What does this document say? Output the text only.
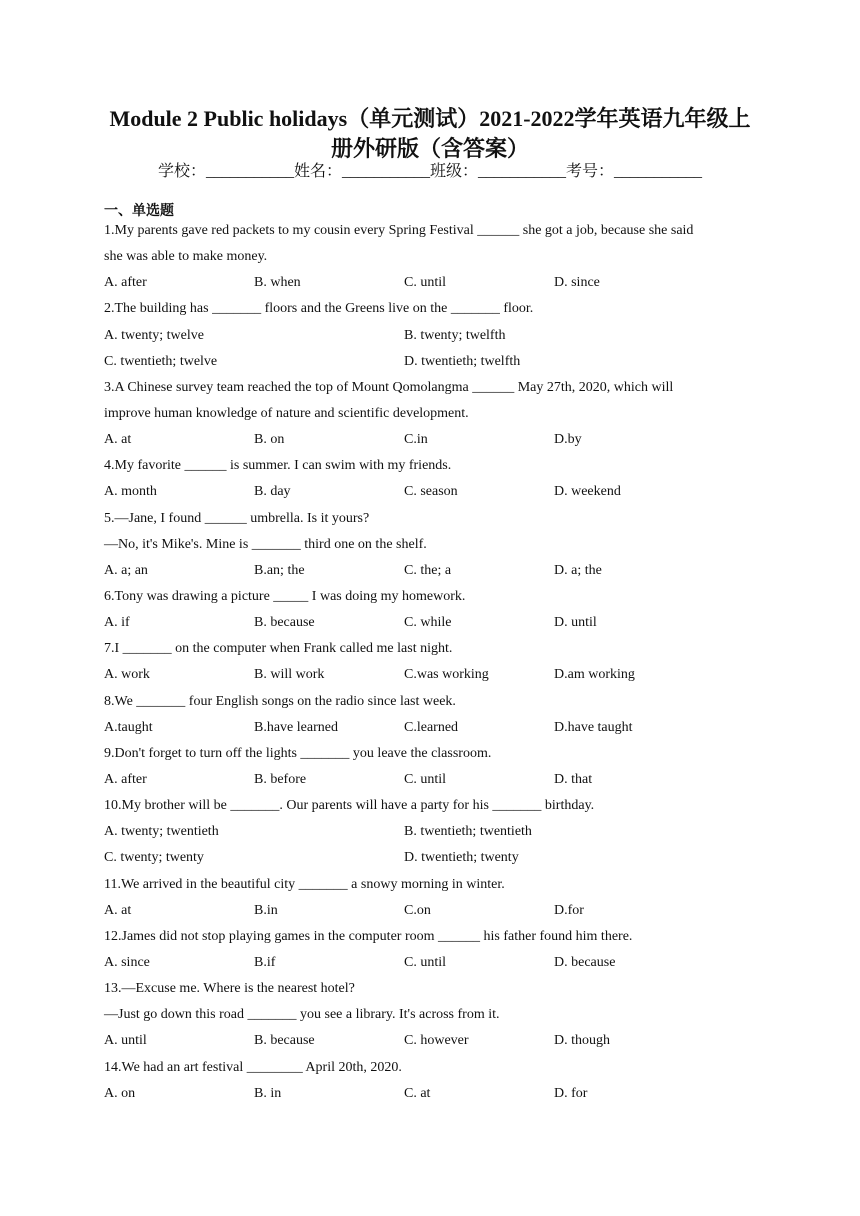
Module 2 Public holidays（单元测试）2021-2022学年英语九年级上
册外研版（含答案）
学校：___________姓名：___________班级：___________考号：___________
一、单选题
1.My parents gave red packets to my cousin every Spring Festival ______ she got a job, because she said
she was able to make money.
A. after	B. when	C. until	D. since
2.The building has _______ floors and the Greens live on the _______ floor.
A. twenty; twelve	B. twenty; twelfth
C. twentieth; twelve	D. twentieth; twelfth
3.A Chinese survey team reached the top of Mount Qomolangma ______ May 27th, 2020, which will
improve human knowledge of nature and scientific development.
A. at	B. on	C.in	D.by
4.My favorite ______ is summer. I can swim with my friends.
A. month	B. day	C. season	D. weekend
5.—Jane, I found ______ umbrella. Is it yours?
—No, it's Mike's. Mine is _______ third one on the shelf.
A. a; an	B.an; the	C. the; a	D. a; the
6.Tony was drawing a picture _____ I was doing my homework.
A. if	B. because	C. while	D. until
7.I _______ on the computer when Frank called me last night.
A. work	B. will work	C.was working	D.am working
8.We _______ four English songs on the radio since last week.
A.taught	B.have learned	C.learned	D.have taught
9.Don't forget to turn off the lights _______ you leave the classroom.
A. after	B. before	C. until	D. that
10.My brother will be _______. Our parents will have a party for his _______ birthday.
A. twenty; twentieth	B. twentieth; twentieth
C. twenty; twenty	D. twentieth; twenty
11.We arrived in the beautiful city _______ a snowy morning in winter.
A. at	B.in	C.on	D.for
12.James did not stop playing games in the computer room ______ his father found him there.
A. since	B.if	C. until	D. because
13.—Excuse me. Where is the nearest hotel?
—Just go down this road _______ you see a library. It's across from it.
A. until	B. because	C. however	D. though
14.We had an art festival ________ April 20th, 2020.
A. on	B. in	C. at	D. for
